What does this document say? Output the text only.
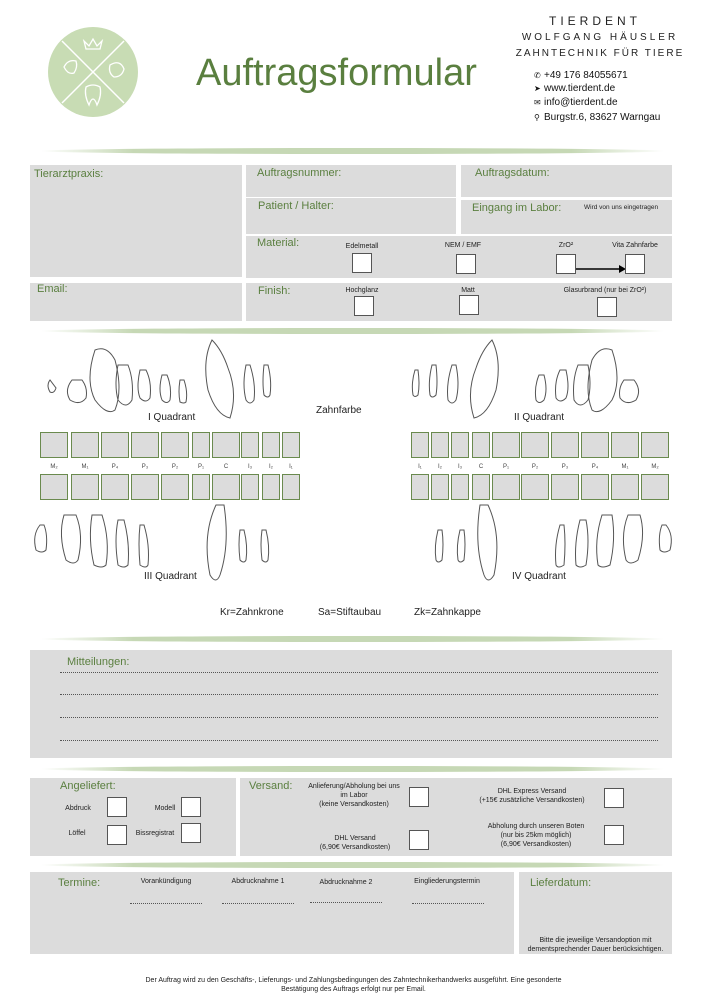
Auftragsformular
TIERDENT
WOLFGANG HÄUSLER
ZAHNTECHNIK FÜR TIERE
✆ +49 176 84055671
➤ www.tierdent.de
✉ info@tierdent.de
⚲ Burgstr.6, 83627 Warngau
Tierarztpraxis:
Email:
Auftragsnummer:	Auftragsdatum:
Patient / Halter:	Eingang im Labor:	Wird von uns eingetragen
Material:	Edelmetall	NEM / EMF	ZrO²	Vita Zahnfarbe
Finish:	Hochglanz	Matt	Glasurbrand (nur bei ZrO²)
I Quadrant	II Quadrant
Zahnfarbe
III Quadrant	IV Quadrant
M₂	M₁	P₄	P₃	P₂	P₁	C	I₃	I₂	I₁	I₁	I₂	I₃	C	P₁	P₂	P₃	P₄	M₁	M₂
Kr=Zahnkrone	Sa=Stiftaubau	Zk=Zahnkappe
Mitteilungen:
Angeliefert:
Abdruck	Modell
Löffel	Bissregistrat
Versand:	Anlieferung/Abholung bei uns
im Labor
(keine Versandkosten)
DHL Versand
(6,90€ Versandkosten)
DHL Express Versand
(+15€ zusätzliche Versandkosten)
Abholung durch unseren Boten
(nur bis 25km möglich)
(6,90€ Versandkosten)
Termine:	Vorankündigung	Abdrucknahme 1	Abdrucknahme 2	Eingliederungstermin	Lieferdatum:
Bitte die jeweilige Versandoption mit
dementsprechender Dauer berücksichtigen.
Der Auftrag wird zu den Geschäfts-, Lieferungs- und Zahlungsbedingungen des Zahntechnikerhandwerks ausgeführt. Eine gesonderte
Bestätigung des Auftrags erfolgt nur per Email.
